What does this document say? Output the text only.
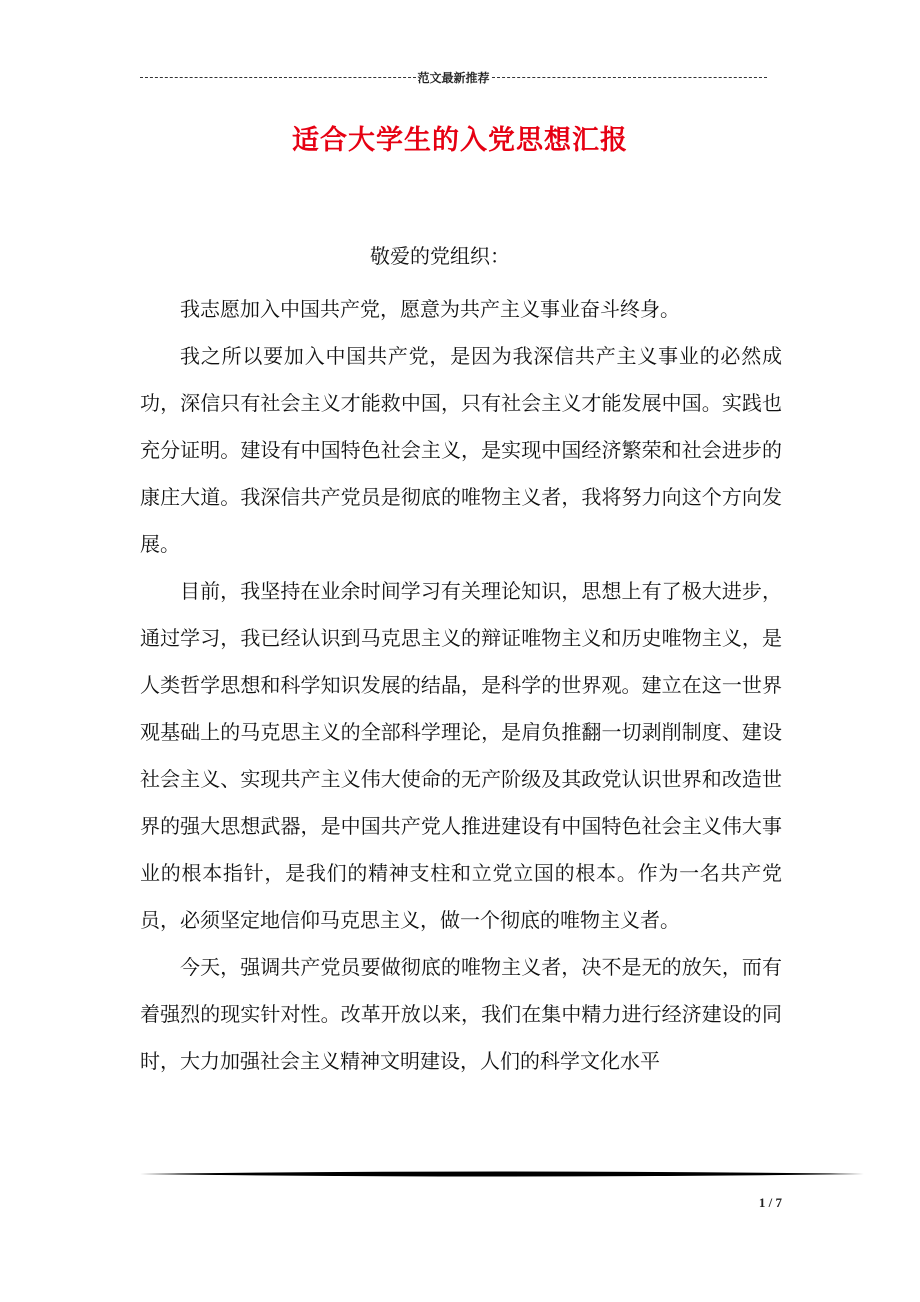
范文最新推荐
适合大学生的入党思想汇报
敬爱的党组织：

我志愿加入中国共产党，愿意为共产主义事业奋斗终身。

我之所以要加入中国共产党，是因为我深信共产主义事业的必然成功，深信只有社会主义才能救中国，只有社会主义才能发展中国。实践也充分证明。建设有中国特色社会主义，是实现中国经济繁荣和社会进步的康庄大道。我深信共产党员是彻底的唯物主义者，我将努力向这个方向发展。

目前，我坚持在业余时间学习有关理论知识，思想上有了极大进步，通过学习，我已经认识到马克思主义的辩证唯物主义和历史唯物主义，是人类哲学思想和科学知识发展的结晶，是科学的世界观。建立在这一世界观基础上的马克思主义的全部科学理论，是肩负推翻一切剥削制度、建设社会主义、实现共产主义伟大使命的无产阶级及其政党认识世界和改造世界的强大思想武器，是中国共产党人推进建设有中国特色社会主义伟大事业的根本指针，是我们的精神支柱和立党立国的根本。作为一名共产党员，必须坚定地信仰马克思主义，做一个彻底的唯物主义者。

今天，强调共产党员要做彻底的唯物主义者，决不是无的放矢，而有着强烈的现实针对性。改革开放以来，我们在集中精力进行经济建设的同时，大力加强社会主义精神文明建设，人们的科学文化水平

1 / 7
